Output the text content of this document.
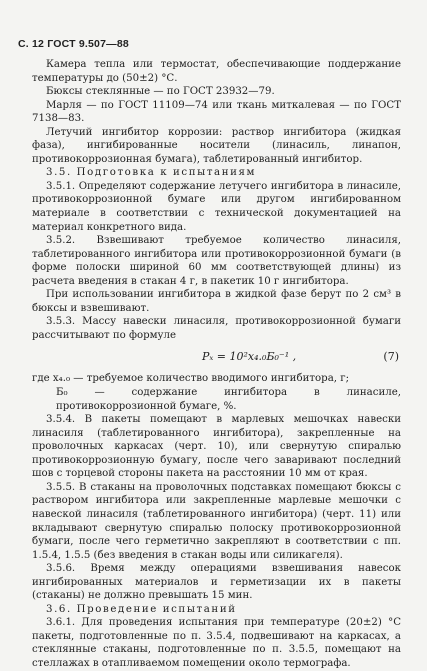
С. 12 ГОСТ 9.507—88

Камера тепла или термостат, обеспечивающие поддержание температуры до (50±2) °С.

Бюксы стеклянные — по ГОСТ 23932—79.

Марля — по ГОСТ 11109—74 или ткань миткалевая — по ГОСТ 7138—83.

Летучий ингибитор коррозии: раствор ингибитора (жидкая фаза), ингибированные носители (линасиль, линапон, противокоррозионная бумага), таблетированный ингибитор.

3.5. Подготовка к испытаниям

3.5.1. Определяют содержание летучего ингибитора в линасиле, противокоррозионной бумаге или другом ингибированном материале в соответствии с технической документацией на материал конкретного вида.

3.5.2. Взвешивают требуемое количество линасиля, таблетированного ингибитора или противокоррозионной бумаги (в форме полоски шириной 60 мм соответствующей длины) из расчета введения в стакан 4 г, в пакетик 10 г ингибитора.

При использовании ингибитора в жидкой фазе берут по 2 см³ в бюксы и взвешивают.

3.5.3. Массу навески линасиля, противокоррозионной бумаги рассчитывают по формуле

Pₓ = 10²x₄.₀Б₀⁻¹ ,	(7)

где x₄.₀ — требуемое количество вводимого ингибитора, г;

Б₀ — содержание ингибитора в линасиле, противокоррозионной бумаге, %.

3.5.4. В пакеты помещают в марлевых мешочках навески линасиля (таблетированного ингибитора), закрепленные на проволочных каркасах (черт. 10), или свернутую спиралью противокоррозионную бумагу, после чего заваривают последний шов с торцевой стороны пакета на расстоянии 10 мм от края.

3.5.5. В стаканы на проволочных подставках помещают бюксы с раствором ингибитора или закрепленные марлевые мешочки с навеской линасиля (таблетированного ингибитора) (черт. 11) или вкладывают свернутую спиралью полоску противокоррозионной бумаги, после чего герметично закрепляют в соответствии с пп. 1.5.4, 1.5.5 (без введения в стакан воды или силикагеля).

3.5.6. Время между операциями взвешивания навесок ингибированных материалов и герметизации их в пакеты (стаканы) не должно превышать 15 мин.

3.6. Проведение испытаний

3.6.1. Для проведения испытания при температуре (20±2) °С пакеты, подготовленные по п. 3.5.4, подвешивают на каркасах, а стеклянные стаканы, подготовленные по п. 3.5.5, помещают на стеллажах в отапливаемом помещении около термографа.
